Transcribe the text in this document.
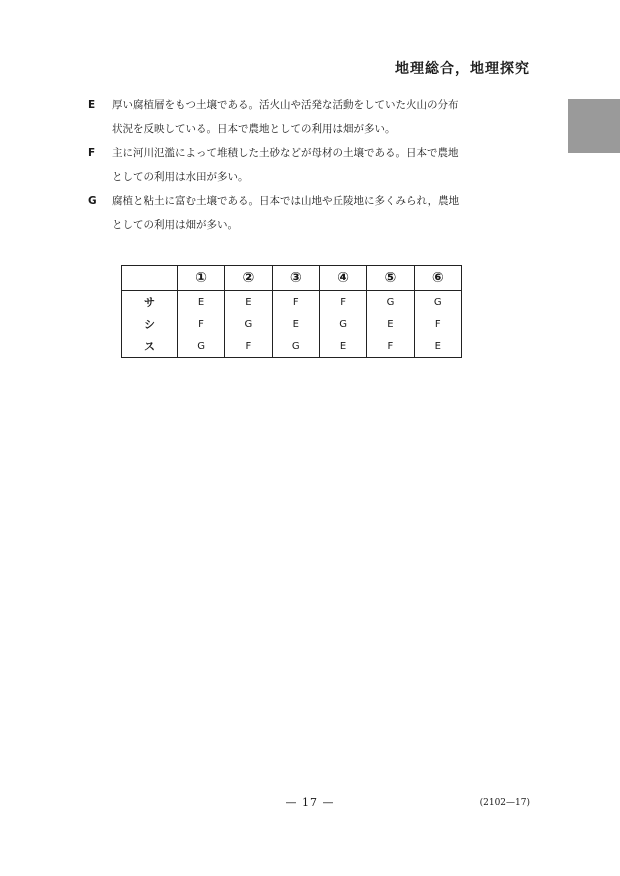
地理総合，地理探究
E	厚い腐植層をもつ土壌である。活火山や活発な活動をしていた火山の分布
状況を反映している。日本で農地としての利用は畑が多い。
F	主に河川氾濫によって堆積した土砂などが母材の土壌である。日本で農地
としての利用は水田が多い。
G	腐植と粘土に富む土壌である。日本では山地や丘陵地に多くみられ，農地
としての利用は畑が多い。
	①	②	③	④	⑤	⑥
サ	E	E	F	F	G	G
シ	F	G	E	G	E	F
ス	G	F	G	E	F	E
— 17 —	(2102—17)
